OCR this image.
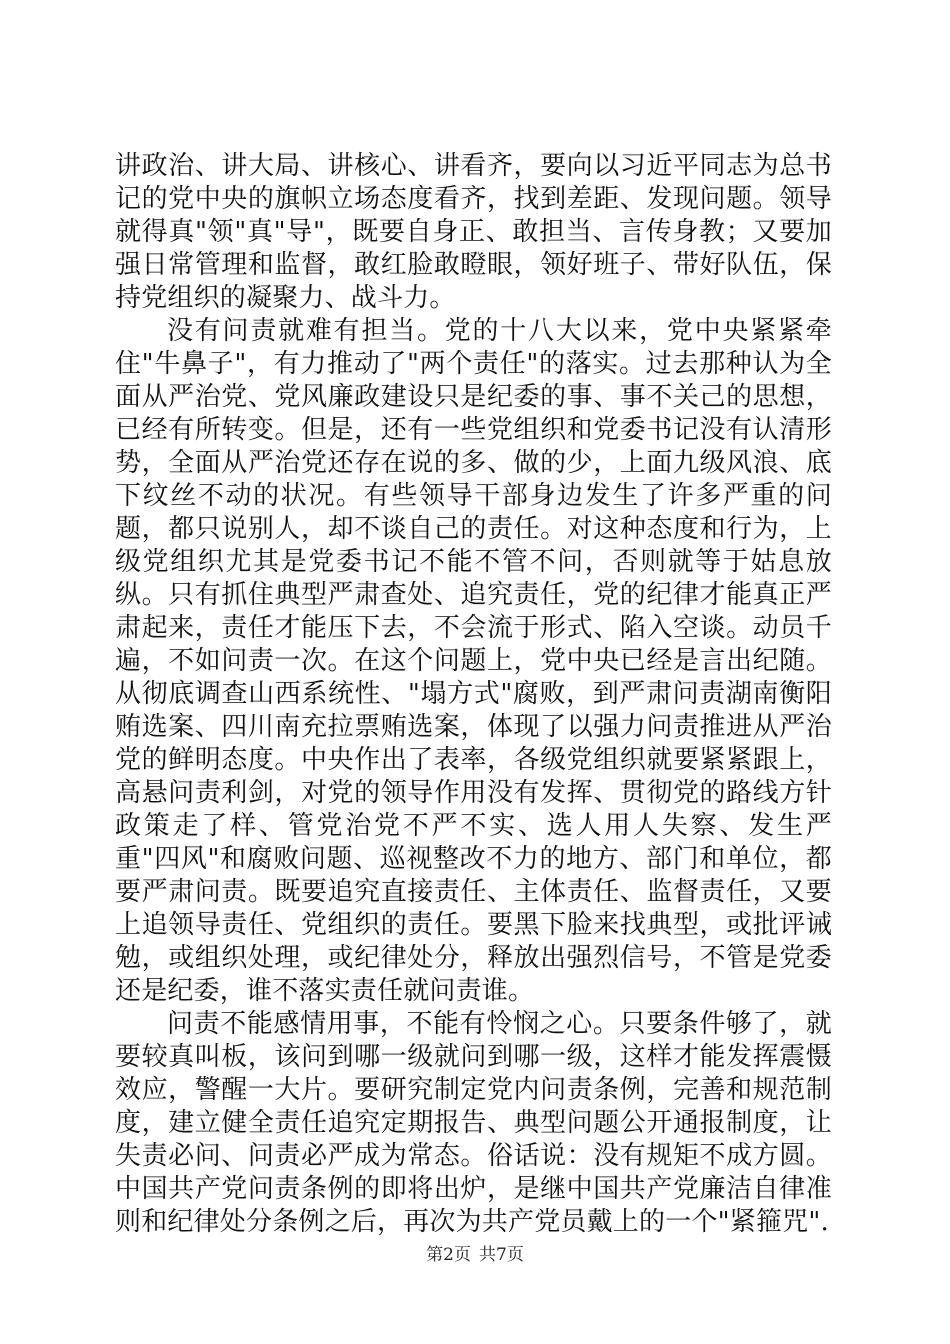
讲政治、讲大局、讲核心、讲看齐，要向以习近平同志为总书记的党中央的旗帜立场态度看齐，找到差距、发现问题。领导就得真"领"真"导"，既要自身正、敢担当、言传身教；又要加强日常管理和监督，敢红脸敢瞪眼，领好班子、带好队伍，保持党组织的凝聚力、战斗力。

没有问责就难有担当。党的十八大以来，党中央紧紧牵住"牛鼻子"，有力推动了"两个责任"的落实。过去那种认为全面从严治党、党风廉政建设只是纪委的事、事不关己的思想，已经有所转变。但是，还有一些党组织和党委书记没有认清形势，全面从严治党还存在说的多、做的少，上面九级风浪、底下纹丝不动的状况。有些领导干部身边发生了许多严重的问题，都只说别人，却不谈自己的责任。对这种态度和行为，上级党组织尤其是党委书记不能不管不问，否则就等于姑息放纵。只有抓住典型严肃查处、追究责任，党的纪律才能真正严肃起来，责任才能压下去，不会流于形式、陷入空谈。动员千遍，不如问责一次。在这个问题上，党中央已经是言出纪随。从彻底调查山西系统性、"塌方式"腐败，到严肃问责湖南衡阳贿选案、四川南充拉票贿选案，体现了以强力问责推进从严治党的鲜明态度。中央作出了表率，各级党组织就要紧紧跟上，高悬问责利剑，对党的领导作用没有发挥、贯彻党的路线方针政策走了样、管党治党不严不实、选人用人失察、发生严重"四风"和腐败问题、巡视整改不力的地方、部门和单位，都要严肃问责。既要追究直接责任、主体责任、监督责任，又要上追领导责任、党组织的责任。要黑下脸来找典型，或批评诫勉，或组织处理，或纪律处分，释放出强烈信号，不管是党委还是纪委，谁不落实责任就问责谁。

问责不能感情用事，不能有怜悯之心。只要条件够了，就要较真叫板，该问到哪一级就问到哪一级，这样才能发挥震慑效应，警醒一大片。要研究制定党内问责条例，完善和规范制度，建立健全责任追究定期报告、典型问题公开通报制度，让失责必问、问责必严成为常态。俗话说：没有规矩不成方圆。中国共产党问责条例的即将出炉，是继中国共产党廉洁自律准则和纪律处分条例之后，再次为共产党员戴上的一个"紧箍咒".

第2页 共7页
